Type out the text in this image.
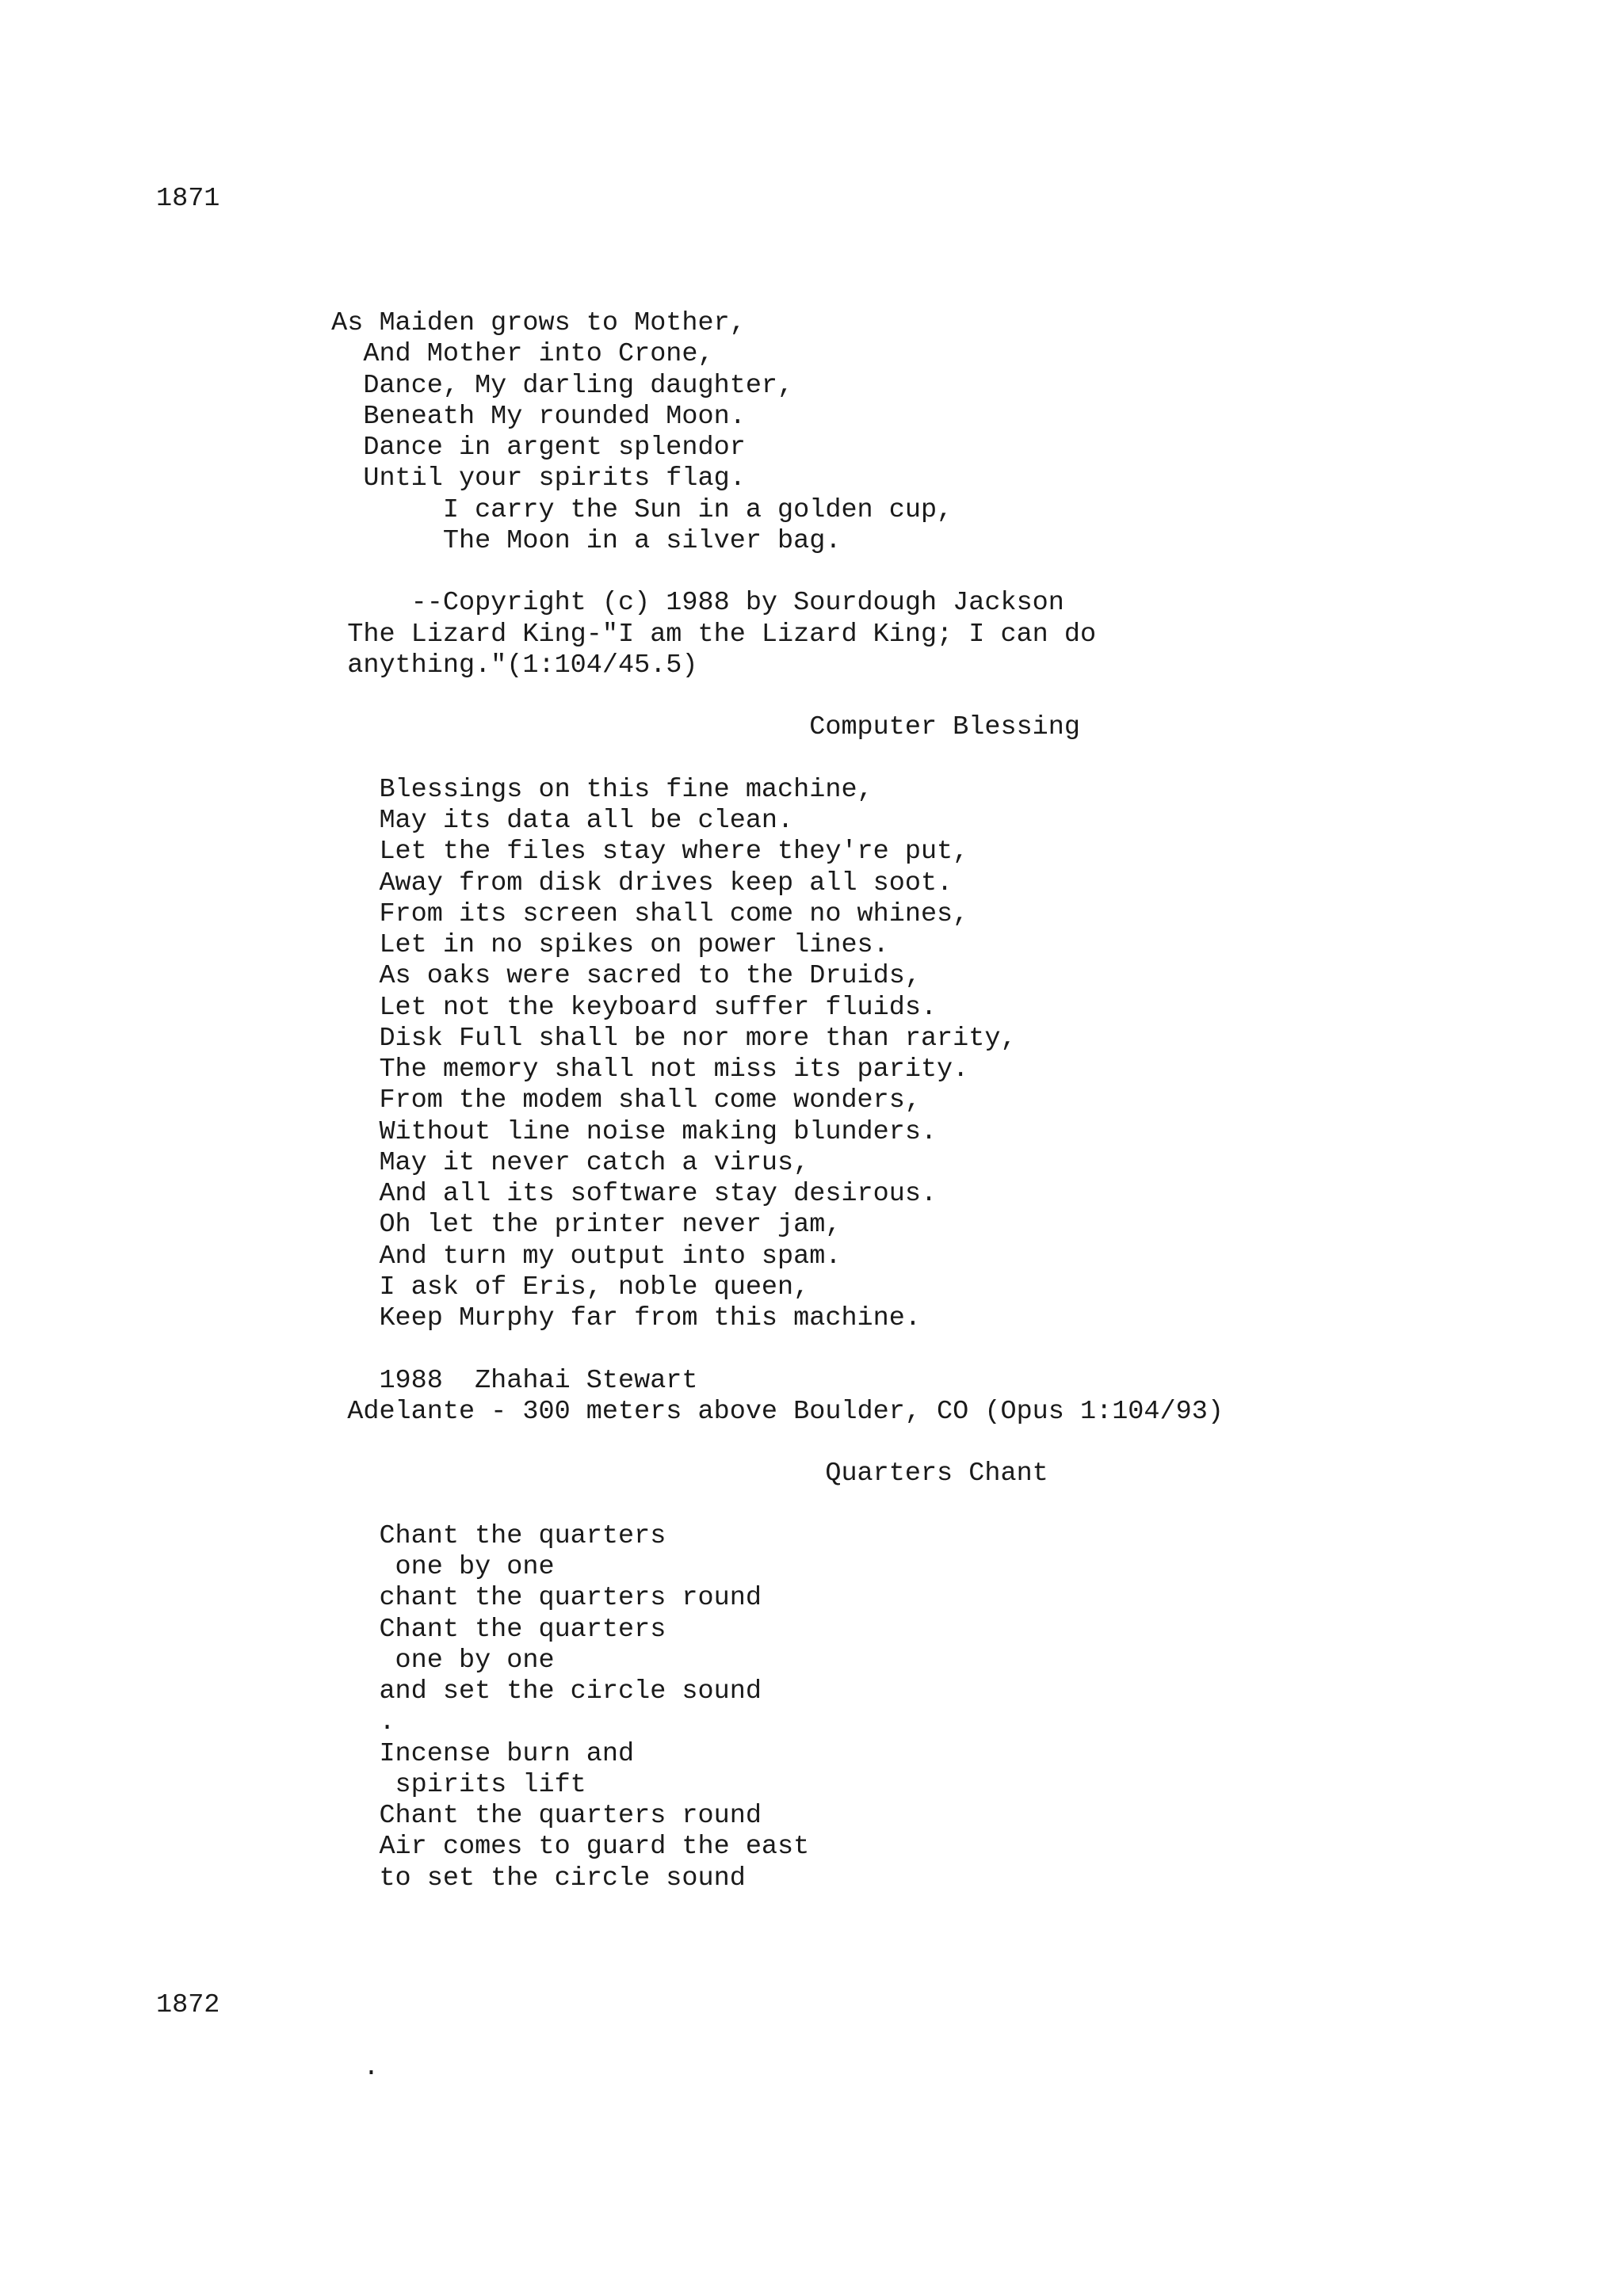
1871

As Maiden grows to Mother,
And Mother into Crone,
Dance, My darling daughter,
Beneath My rounded Moon.
Dance in argent splendor
Until your spirits flag.
I carry the Sun in a golden cup,
The Moon in a silver bag.

--Copyright (c) 1988 by Sourdough Jackson
The Lizard King-"I am the Lizard King; I can do
anything."(1:104/45.5)

Computer Blessing

Blessings on this fine machine,
May its data all be clean.
Let the files stay where they're put,
Away from disk drives keep all soot.
From its screen shall come no whines,
Let in no spikes on power lines.
As oaks were sacred to the Druids,
Let not the keyboard suffer fluids.
Disk Full shall be nor more than rarity,
The memory shall not miss its parity.
From the modem shall come wonders,
Without line noise making blunders.
May it never catch a virus,
And all its software stay desirous.
Oh let the printer never jam,
And turn my output into spam.
I ask of Eris, noble queen,
Keep Murphy far from this machine.

1988  Zhahai Stewart
Adelante - 300 meters above Boulder, CO (Opus 1:104/93)

Quarters Chant

Chant the quarters
one by one
chant the quarters round
Chant the quarters
one by one
and set the circle sound
.
Incense burn and
spirits lift
Chant the quarters round
Air comes to guard the east
to set the circle sound

1872

.
